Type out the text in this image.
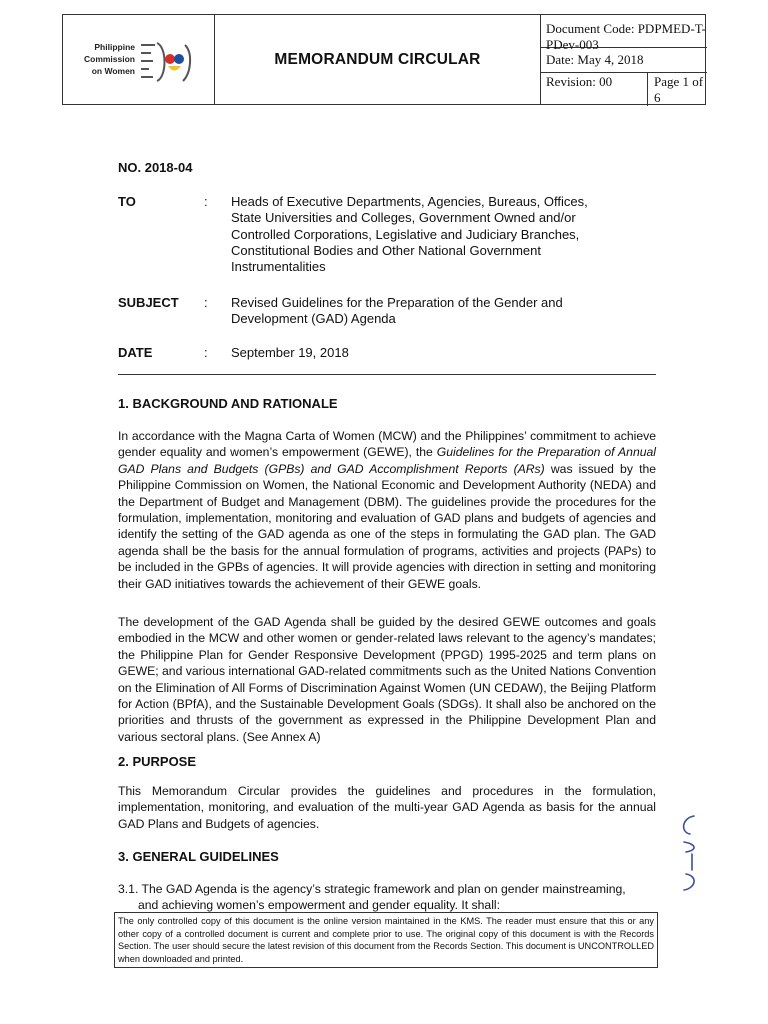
Philippine
Commission
on Women
MEMORANDUM CIRCULAR
Document Code: PDPMED-T-PDev-003
Date: May 4, 2018
Revision: 00	Page 1 of 6
NO. 2018-04
TO	: Heads of Executive Departments, Agencies, Bureaus, Offices,
State Universities and Colleges, Government Owned and/or
Controlled Corporations, Legislative and Judiciary Branches,
Constitutional Bodies and Other National Government
Instrumentalities
SUBJECT : Revised Guidelines for the Preparation of the Gender and
Development (GAD) Agenda
DATE	: September 19, 2018
1. BACKGROUND AND RATIONALE
In accordance with the Magna Carta of Women (MCW) and the Philippines’ commitment to achieve gender equality and women’s empowerment (GEWE), the Guidelines for the Preparation of Annual GAD Plans and Budgets (GPBs) and GAD Accomplishment Reports (ARs) was issued by the Philippine Commission on Women, the National Economic and Development Authority (NEDA) and the Department of Budget and Management (DBM). The guidelines provide the procedures for the formulation, implementation, monitoring and evaluation of GAD plans and budgets of agencies and identify the setting of the GAD agenda as one of the steps in formulating the GAD plan. The GAD agenda shall be the basis for the annual formulation of programs, activities and projects (PAPs) to be included in the GPBs of agencies. It will provide agencies with direction in setting and monitoring their GAD initiatives towards the achievement of their GEWE goals.
The development of the GAD Agenda shall be guided by the desired GEWE outcomes and goals embodied in the MCW and other women or gender-related laws relevant to the agency’s mandates; the Philippine Plan for Gender Responsive Development (PPGD) 1995-2025 and term plans on GEWE; and various international GAD-related commitments such as the United Nations Convention on the Elimination of All Forms of Discrimination Against Women (UN CEDAW), the Beijing Platform for Action (BPfA), and the Sustainable Development Goals (SDGs). It shall also be anchored on the priorities and thrusts of the government as expressed in the Philippine Development Plan and various sectoral plans. (See Annex A)
2. PURPOSE
This Memorandum Circular provides the guidelines and procedures in the formulation, implementation, monitoring, and evaluation of the multi-year GAD Agenda as basis for the annual GAD Plans and Budgets of agencies.
3. GENERAL GUIDELINES
3.1. The GAD Agenda is the agency’s strategic framework and plan on gender mainstreaming,
and achieving women’s empowerment and gender equality. It shall:
The only controlled copy of this document is the online version maintained in the KMS. The reader must ensure that this or any other copy of a controlled document is current and complete prior to use. The original copy of this document is with the Records Section. The user should secure the latest revision of this document from the Records Section. This document is UNCONTROLLED when downloaded and printed.
